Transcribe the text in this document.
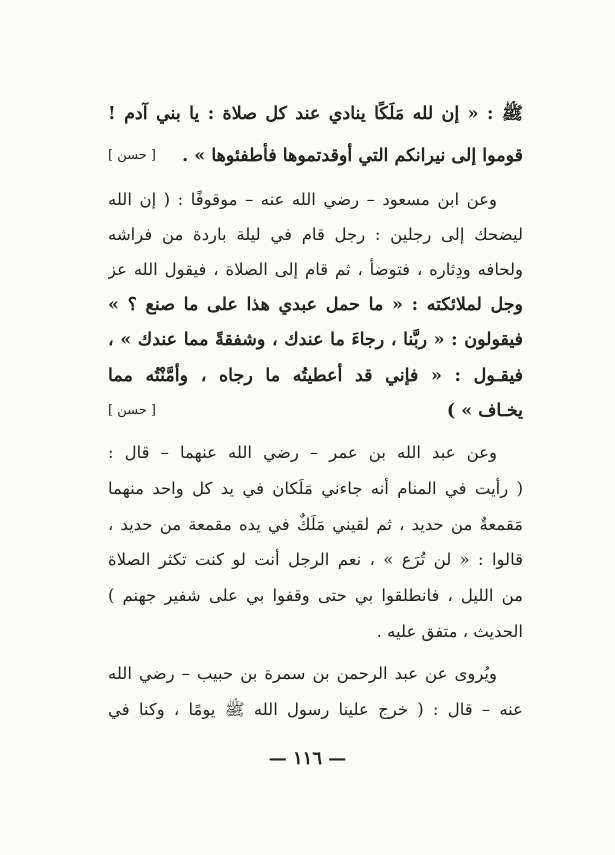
ﷺ : « إن لله مَلَكًا ينادي عند كل صلاة : يا بني آدم !
قوموا إلى نيرانكم التي أوقدتموها فأطفئوها » .
[ حسن ]
وعن ابن مسعود – رضي الله عنه – موقوفًا : ( إن الله
ليضحك إلى رجلين : رجل قام في ليلة باردة من فراشه
ولحافه ودِثاره ، فتوضأ ، ثم قام إلى الصلاة ، فيقول الله عز
وجل لملائكته : « ما حمل عبدي هذا على ما صنع ؟ »
فيقولون : « ربَّنا ، رجاءَ ما عندك ، وشفقةً مما عندك » ،
فيقـول : « فإني قد أعطيتُه ما رجاه ، وأمَّنْتُه مما
يخـاف » )
[ حسن ]
وعن عبد الله بن عمر – رضي الله عنهما – قال :
( رأيت في المنام أنه جاءني مَلَكان في يد كل واحد منهما
مَقمعةٌ من حديد ، ثم لقيني مَلَكٌ في يده مقمعة من حديد ،
قالوا : « لن تُرَع » ، نعم الرجل أنت لو كنت تكثر الصلاة
من الليل ، فانطلقوا بي حتى وقفوا بي على شفير جهنم )
الحديث ، متفق عليه .
ويُروى عن عبد الرحمن بن سمرة بن حبيب – رضي الله
عنه – قال : ( خرج علينا رسول الله ﷺ يومًا ، وكنا في
— ١١٦ —
